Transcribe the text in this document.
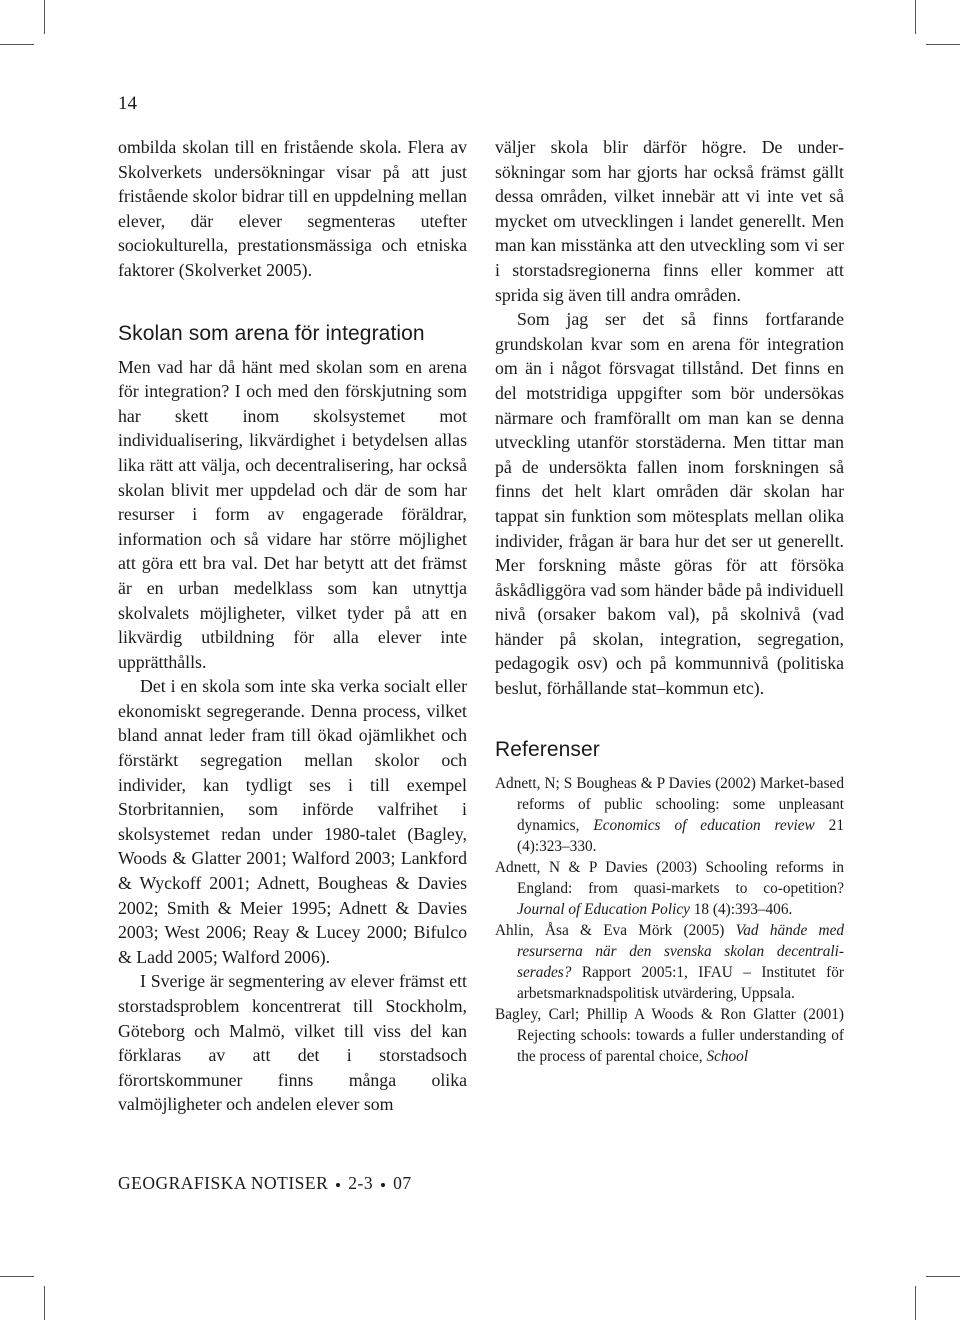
14

ombilda skolan till en fristående skola. Flera av Skolverkets undersökningar visar på att just fristående skolor bidrar till en uppdelning mellan elever, där elever segmenteras utefter sociokulturella, prestationsmässiga och etniska faktorer (Skolverket 2005).

Skolan som arena för integration

Men vad har då hänt med skolan som en arena för integration? I och med den förskjutning som har skett inom skolsystemet mot individualisering, likvärdighet i betydelsen allas lika rätt att välja, och decentralisering, har också skolan blivit mer uppdelad och där de som har resurser i form av engagerade föräldrar, information och så vidare har större möjlighet att göra ett bra val. Det har betytt att det främst är en urban medelklass som kan utnyttja skolvalets möjligheter, vilket tyder på att en likvärdig utbildning för alla elever inte upprätthålls.

Det i en skola som inte ska verka socialt eller ekonomiskt segregerande. Denna process, vilket bland annat leder fram till ökad ojämlikhet och förstärkt segregation mellan skolor och individer, kan tydligt ses i till exempel Storbritannien, som införde valfrihet i skolsystemet redan under 1980-talet (Bagley, Woods & Glatter 2001; Walford 2003; Lankford & Wyckoff 2001; Adnett, Bougheas & Davies 2002; Smith & Meier 1995; Adnett & Davies 2003; West 2006; Reay & Lucey 2000; Bifulco & Ladd 2005; Walford 2006).

I Sverige är segmentering av elever främst ett storstadsproblem koncentrerat till Stockholm, Göteborg och Malmö, vilket till viss del kan förklaras av att det i storstadsoch förortskommuner finns många olika valmöjligheter och andelen elever som

väljer skola blir därför högre. De undersökningar som har gjorts har också främst gällt dessa områden, vilket innebär att vi inte vet så mycket om utvecklingen i landet generellt. Men man kan misstänka att den utveckling som vi ser i storstadsregionerna finns eller kommer att sprida sig även till andra områden.

Som jag ser det så finns fortfarande grundskolan kvar som en arena för integration om än i något försvagat tillstånd. Det finns en del motstridiga uppgifter som bör undersökas närmare och framförallt om man kan se denna utveckling utanför storstäderna. Men tittar man på de undersökta fallen inom forskningen så finns det helt klart områden där skolan har tappat sin funktion som mötesplats mellan olika individer, frågan är bara hur det ser ut generellt. Mer forskning måste göras för att försöka åskådliggöra vad som händer både på individuell nivå (orsaker bakom val), på skolnivå (vad händer på skolan, integration, segregation, pedagogik osv) och på kommunnivå (politiska beslut, förhållande stat–kommun etc).

Referenser

Adnett, N; S Bougheas & P Davies (2002) Market-based reforms of public schooling: some unpleasant dynamics, Economics of education review 21 (4):323–330.

Adnett, N & P Davies (2003) Schooling reforms in England: from quasi-markets to co-opetition? Journal of Education Policy 18 (4):393–406.

Ahlin, Åsa & Eva Mörk (2005) Vad hände med resurserna när den svenska skolan decentraliserades? Rapport 2005:1, IFAU – Institutet för arbetsmarknadspolitisk utvärdering, Uppsala.

Bagley, Carl; Phillip A Woods & Ron Glatter (2001) Rejecting schools: towards a fuller understanding of the process of parental choice, School

GEOGRAFISKA NOTISER 2-3 07
